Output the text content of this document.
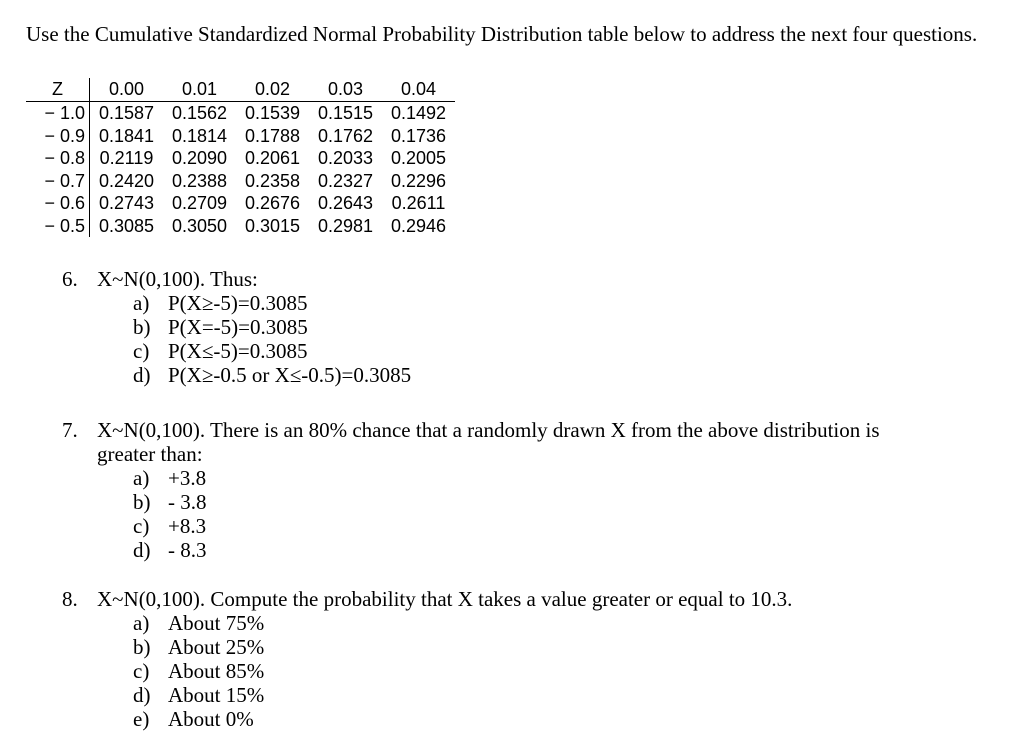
Use the Cumulative Standardized Normal Probability Distribution table below to address the next four questions.
Z	0.00	0.01	0.02	0.03	0.04
− 1.0 0.1587 0.1562 0.1539 0.1515 0.1492
− 0.9 0.1841 0.1814 0.1788 0.1762 0.1736
− 0.8 0.2119	0.2090 0.2061 0.2033 0.2005
− 0.7 0.2420 0.2388 0.2358 0.2327 0.2296
− 0.6 0.2743 0.2709 0.2676 0.2643	0.2611
− 0.5 0.3085 0.3050 0.3015 0.2981 0.2946
6. X~N(0,100). Thus:
a) P(X≥-5)=0.3085
b) P(X=-5)=0.3085
c) P(X≤-5)=0.3085
d) P(X≥-0.5 or X≤-0.5)=0.3085
7. X~N(0,100). There is an 80% chance that a randomly drawn X from the above distribution is greater than:
a) +3.8
b) - 3.8
c) +8.3
d) - 8.3
8. X~N(0,100). Compute the probability that X takes a value greater or equal to 10.3.
a) About 75%
b) About 25%
c) About 85%
d) About 15%
e) About 0%
